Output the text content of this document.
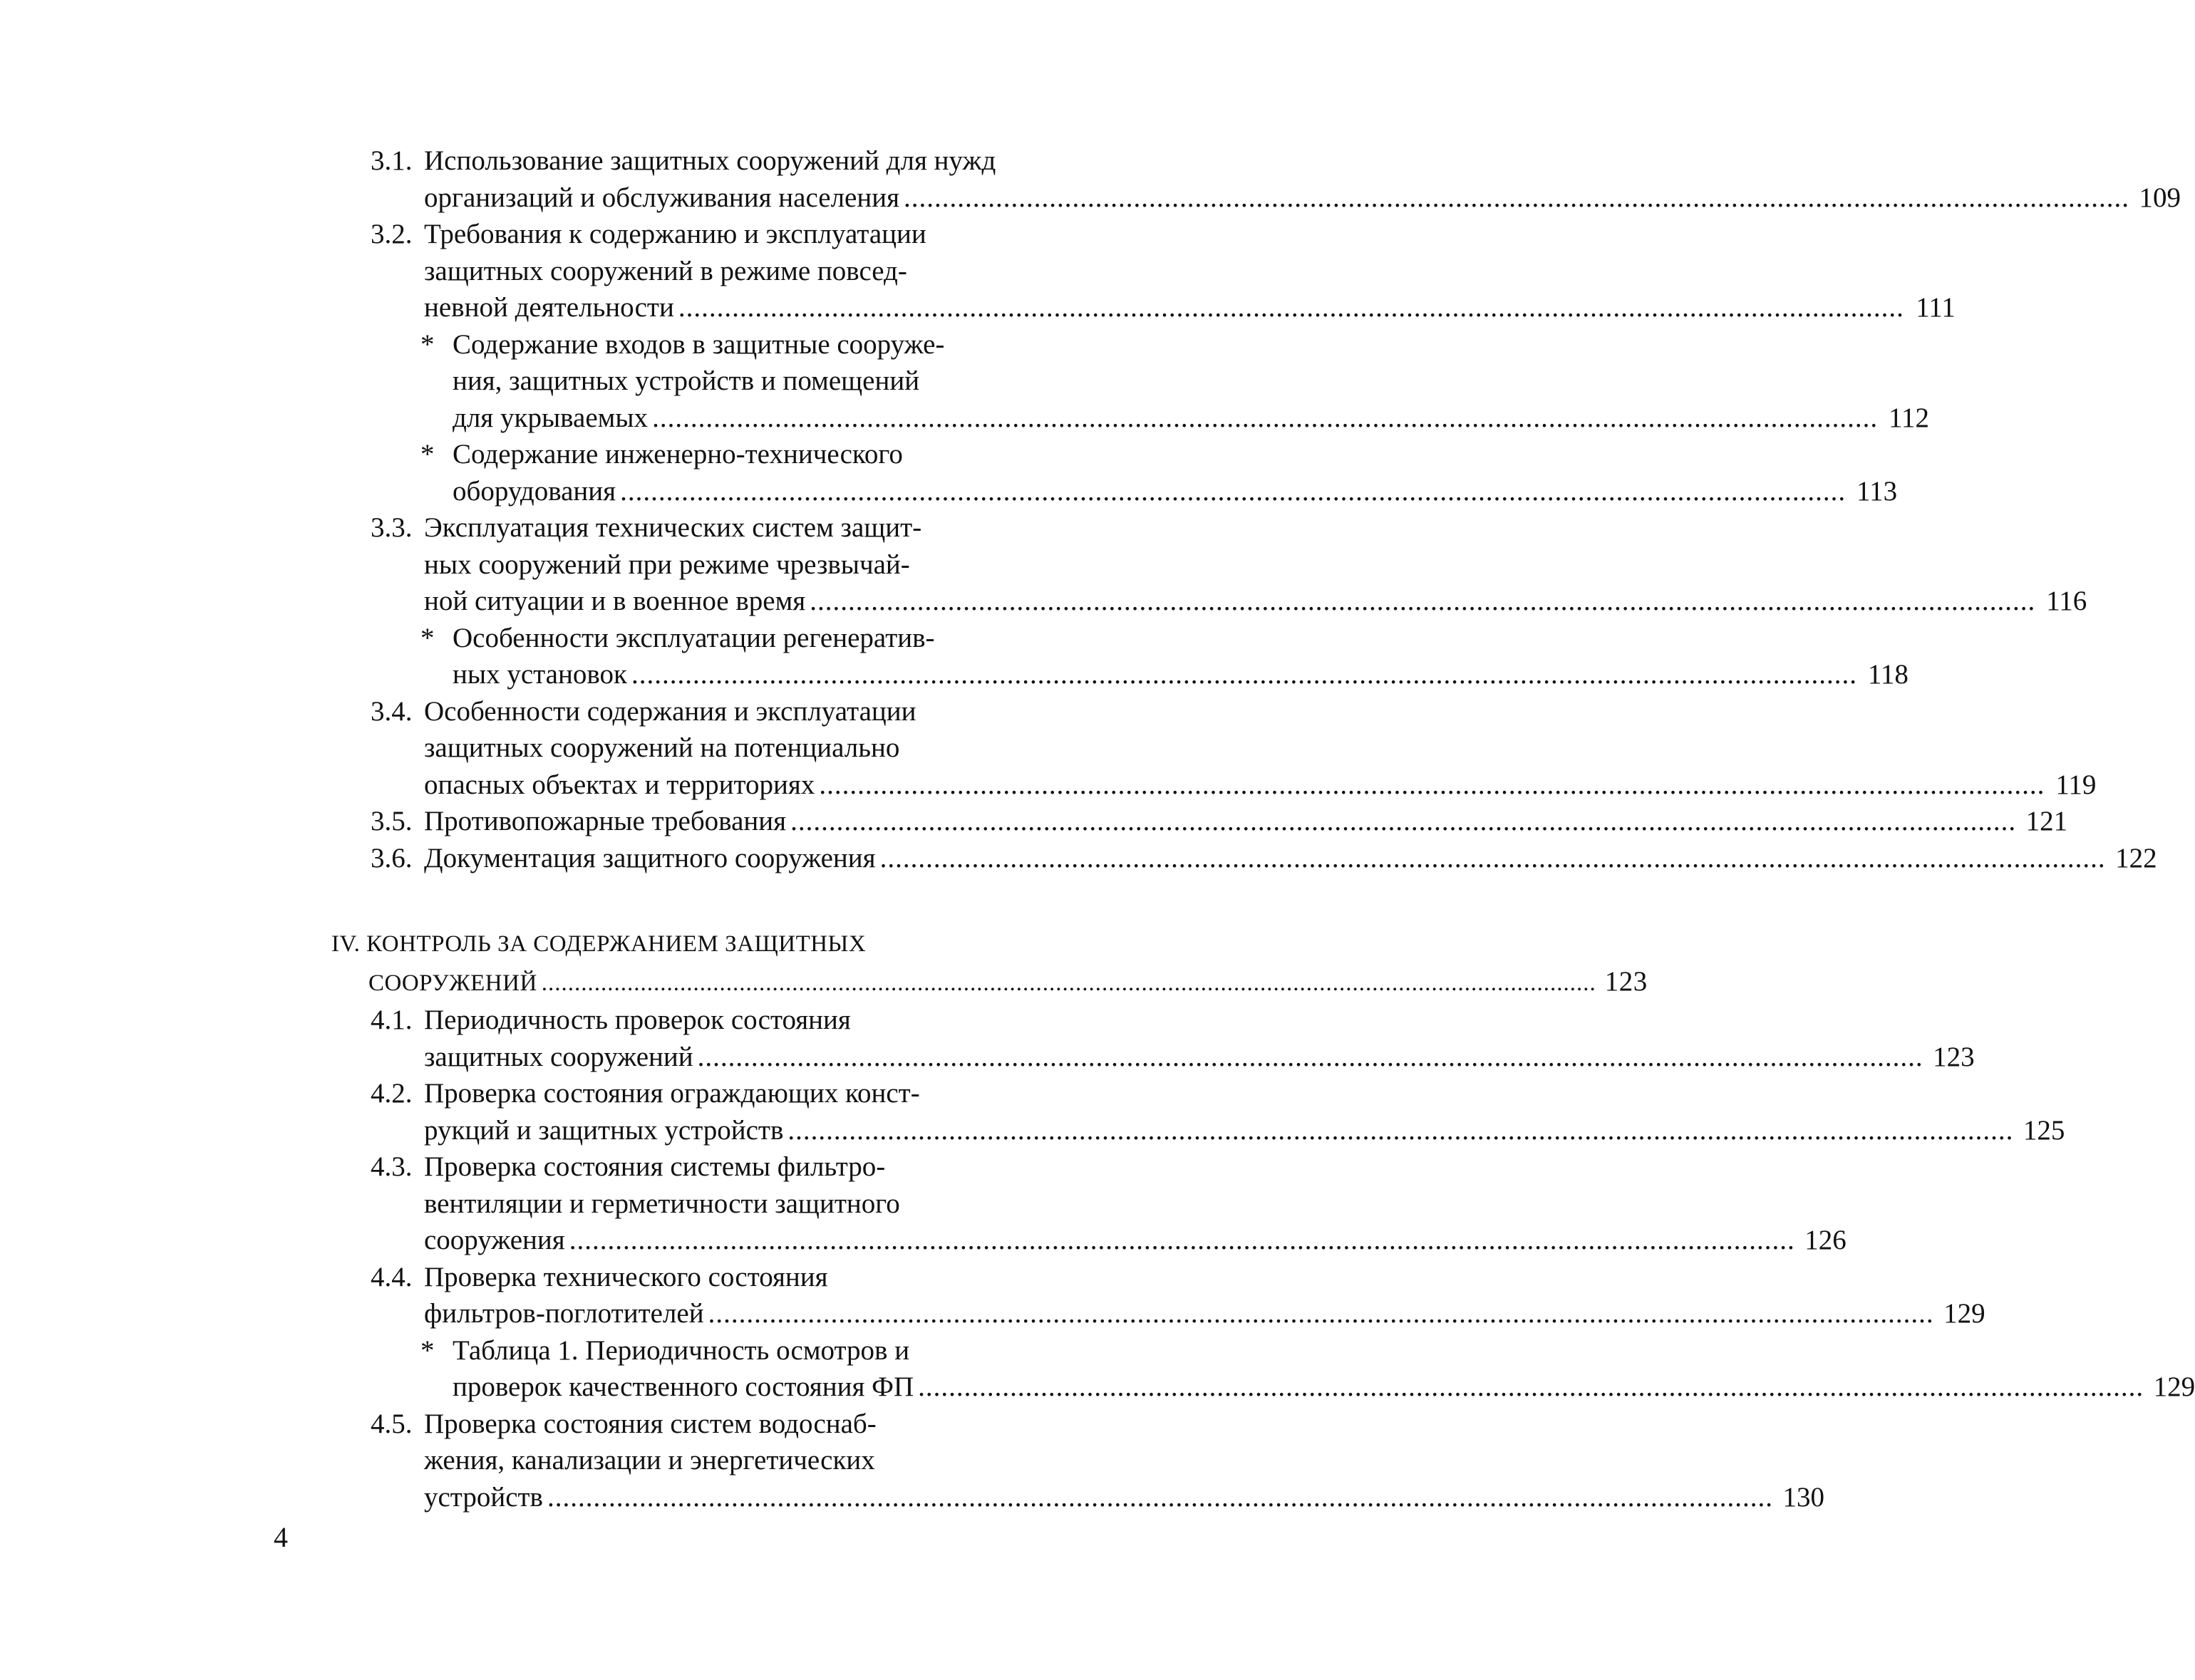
3.1. Использование защитных сооружений для нужд
организаций и обслуживания населения ................................................................................................................................................................ 109
3.2. Требования к содержанию и эксплуатации
защитных сооружений в режиме повсед-
невной деятельности ................................................................................................................................................................ 111
* Содержание входов в защитные сооруже-
ния, защитных устройств и помещений
для укрываемых ................................................................................................................................................................ 112
* Содержание инженерно-технического
оборудования ................................................................................................................................................................ 113
3.3. Эксплуатация технических систем защит-
ных сооружений при режиме чрезвычай-
ной ситуации и в военное время ................................................................................................................................................................ 116
* Особенности эксплуатации регенератив-
ных установок ................................................................................................................................................................ 118
3.4. Особенности содержания и эксплуатации
защитных сооружений на потенциально
опасных объектах и территориях ................................................................................................................................................................ 119
3.5. Противопожарные требования ................................................................................................................................................................ 121
3.6. Документация защитного сооружения ................................................................................................................................................................ 122
IV. КОНТРОЛЬ ЗА СОДЕРЖАНИЕМ ЗАЩИТНЫХ
СООРУЖЕНИЙ ................................................................................................................................................................ 123
4.1. Периодичность проверок состояния
защитных сооружений ................................................................................................................................................................ 123
4.2. Проверка состояния ограждающих конст-
рукций и защитных устройств ................................................................................................................................................................ 125
4.3. Проверка состояния системы фильтро-
вентиляции и герметичности защитного
сооружения ................................................................................................................................................................ 126
4.4. Проверка технического состояния
фильтров-поглотителей ................................................................................................................................................................ 129
* Таблица 1. Периодичность осмотров и
проверок качественного состояния ФП ................................................................................................................................................................ 129
4.5. Проверка состояния систем водоснаб-
жения, канализации и энергетических
устройств ................................................................................................................................................................ 130
4
